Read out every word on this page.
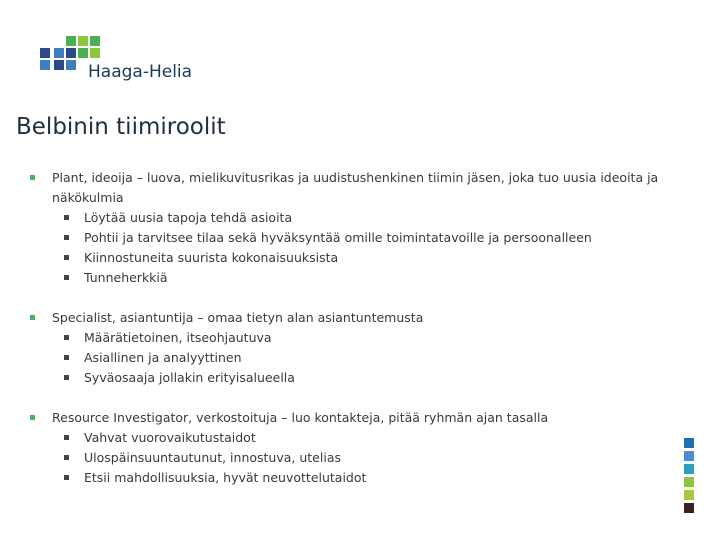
Haaga-Helia
Belbinin tiimiroolit
Plant, ideoija – luova, mielikuvitusrikas ja uudistushenkinen tiimin jäsen, joka tuo uusia ideoita ja näkökulmia
Löytää uusia tapoja tehdä asioita
Pohtii ja tarvitsee tilaa sekä hyväksyntää omille toimintatavoille ja persoonalleen
Kiinnostuneita suurista kokonaisuuksista
Tunneherkkiä
Specialist, asiantuntija – omaa tietyn alan asiantuntemusta
Määrätietoinen, itseohjautuva
Asiallinen ja analyyttinen
Syväosaaja jollakin erityisalueella
Resource Investigator, verkostoituja – luo kontakteja, pitää ryhmän ajan tasalla
Vahvat vuorovaikutustaidot
Ulospäinsuuntautunut, innostuva, utelias
Etsii mahdollisuuksia, hyvät neuvottelutaidot
